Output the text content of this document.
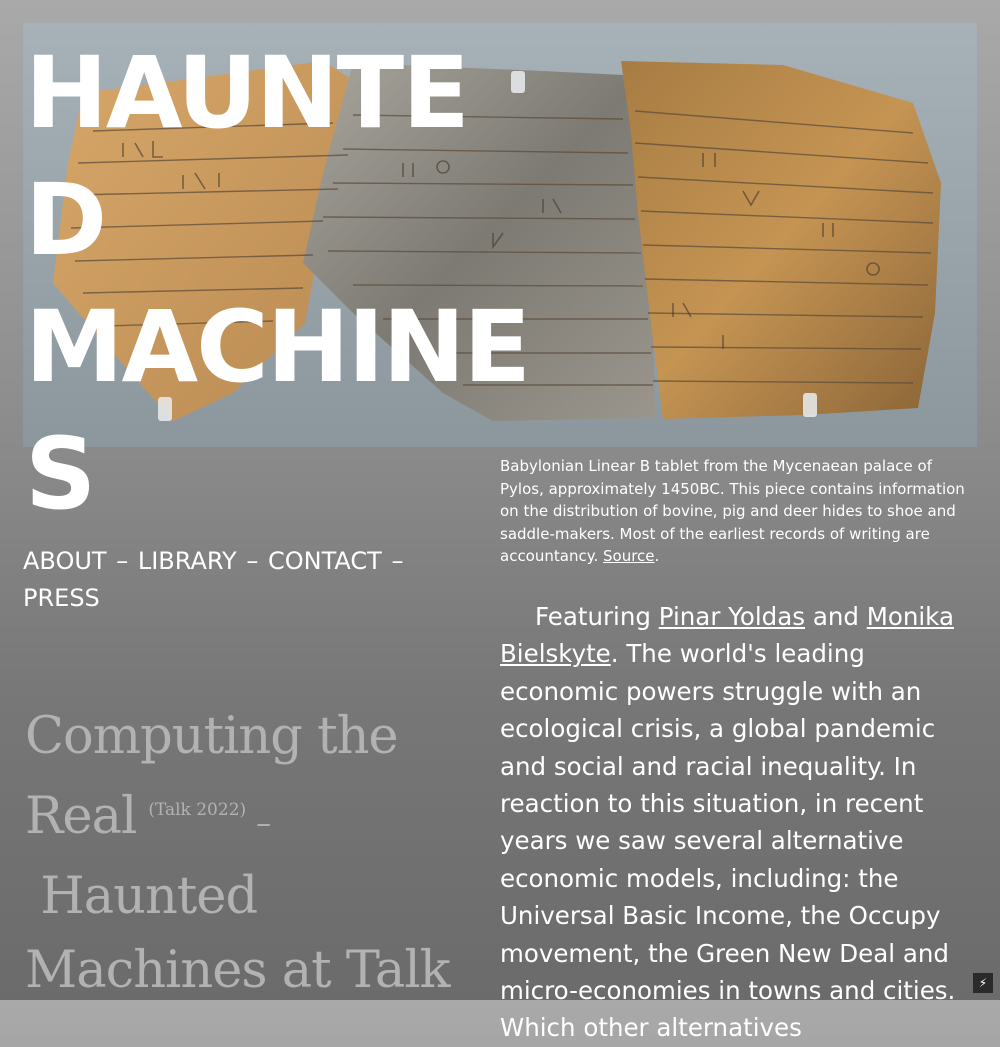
HAUNTE
D
MACHINE
S
ABOUT – LIBRARY – CONTACT – PRESS
Babylonian Linear B tablet from the Mycenaean palace of Pylos, approximately 1450BC. This piece contains information on the distribution of bovine, pig and deer hides to shoe and saddle-makers. Most of the earliest records of writing are accountancy. Source.
Computing the Real $^{(Talk 2022)}$ –
Haunted Machines at Talk

Featuring Pinar Yoldas and Monika Bielskyte. The world's leading economic powers struggle with an ecological crisis, a global pandemic and social and racial inequality. In reaction to this situation, in recent years we saw several alternative economic models, including: the Universal Basic Income, the Occupy movement, the Green New Deal and micro-economies in towns and cities. Which other alternatives

⚡
